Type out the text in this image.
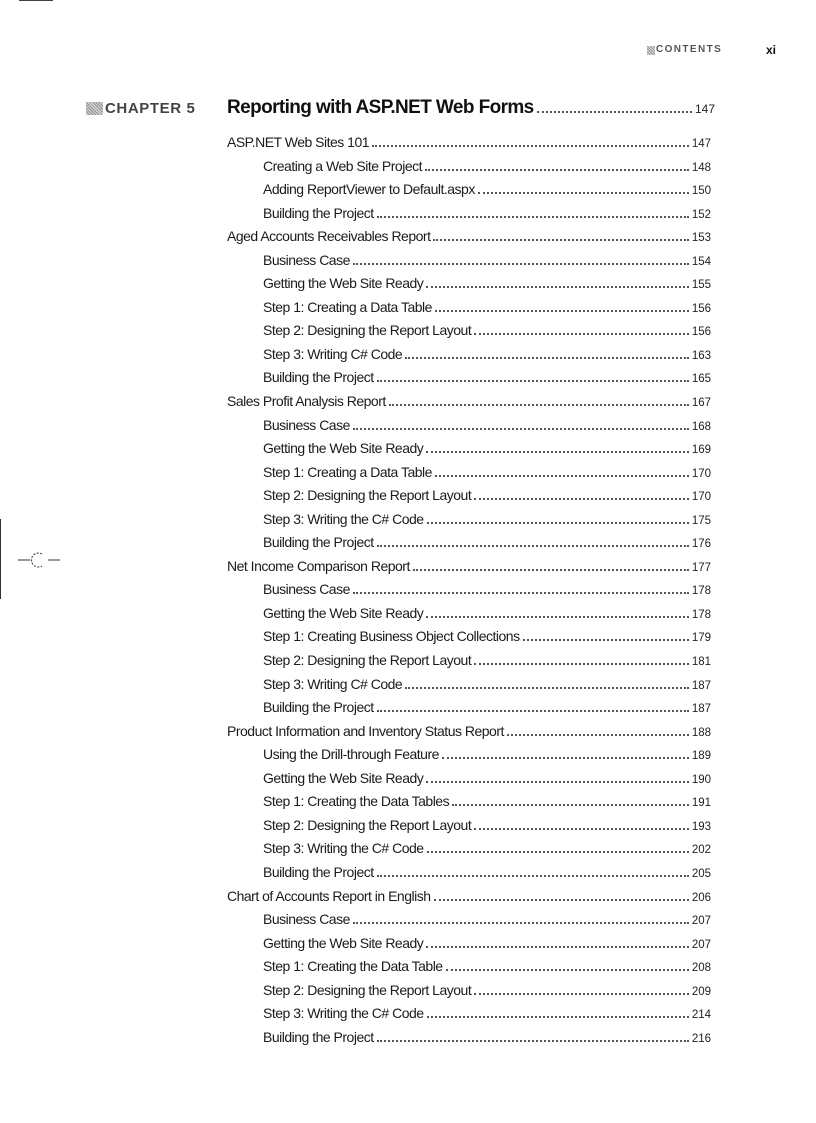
CONTENTS	xi
CHAPTER 5 Reporting with ASP.NET Web Forms	147
ASP.NET Web Sites 101	147
Creating a Web Site Project	148
Adding ReportViewer to Default.aspx	150
Building the Project	152
Aged Accounts Receivables Report	153
Business Case	154
Getting the Web Site Ready	155
Step 1: Creating a Data Table	156
Step 2: Designing the Report Layout	156
Step 3: Writing C# Code	163
Building the Project	165
Sales Profit Analysis Report	167
Business Case	168
Getting the Web Site Ready	169
Step 1: Creating a Data Table	170
Step 2: Designing the Report Layout	170
Step 3: Writing the C# Code	175
Building the Project	176
Net Income Comparison Report	177
Business Case	178
Getting the Web Site Ready	178
Step 1: Creating Business Object Collections	179
Step 2: Designing the Report Layout	181
Step 3: Writing C# Code	187
Building the Project	187
Product Information and Inventory Status Report	188
Using the Drill-through Feature	189
Getting the Web Site Ready	190
Step 1: Creating the Data Tables	191
Step 2: Designing the Report Layout	193
Step 3: Writing the C# Code	202
Building the Project	205
Chart of Accounts Report in English	206
Business Case	207
Getting the Web Site Ready	207
Step 1: Creating the Data Table	208
Step 2: Designing the Report Layout	209
Step 3: Writing the C# Code	214
Building the Project	216
